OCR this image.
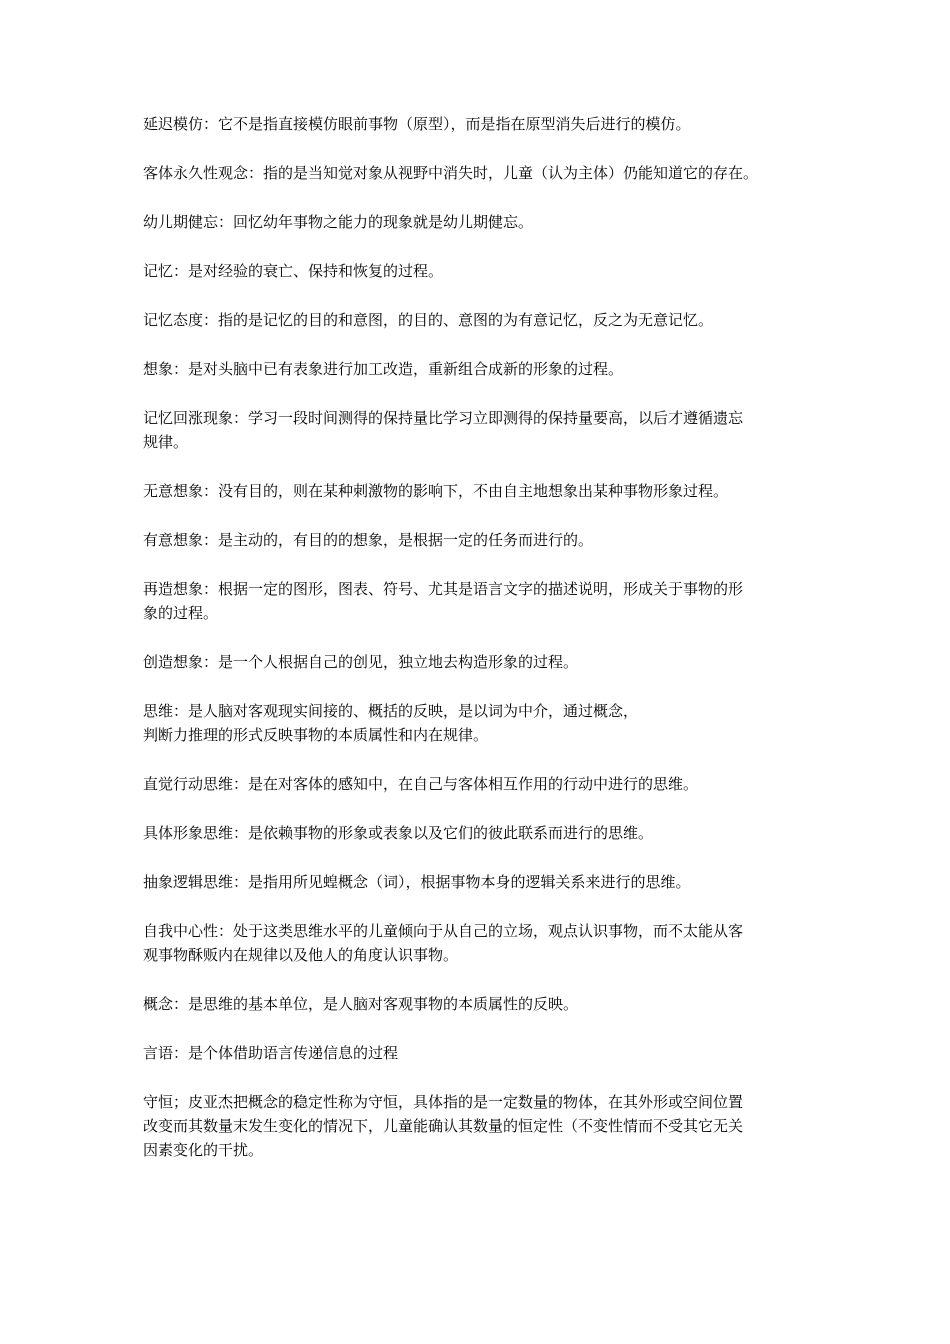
延迟模仿：它不是指直接模仿眼前事物（原型），而是指在原型消失后进行的模仿。

客体永久性观念：指的是当知觉对象从视野中消失时，儿童（认为主体）仍能知道它的存在。

幼儿期健忘：回忆幼年事物之能力的现象就是幼儿期健忘。

记忆：是对经验的衰亡、保持和恢复的过程。

记忆态度：指的是记忆的目的和意图，的目的、意图的为有意记忆，反之为无意记忆。

想象：是对头脑中已有表象进行加工改造，重新组合成新的形象的过程。

记忆回涨现象：学习一段时间测得的保持量比学习立即测得的保持量要高，以后才遵循遗忘
规律。

无意想象：没有目的，则在某种刺激物的影响下，不由自主地想象出某种事物形象过程。

有意想象：是主动的，有目的的想象，是根据一定的任务而进行的。

再造想象：根据一定的图形，图表、符号、尤其是语言文字的描述说明，形成关于事物的形
象的过程。

创造想象：是一个人根据自己的创见，独立地去构造形象的过程。

思维：是人脑对客观现实间接的、概括的反映，是以词为中介，通过概念，
判断力推理的形式反映事物的本质属性和内在规律。

直觉行动思维：是在对客体的感知中，在自己与客体相互作用的行动中进行的思维。

具体形象思维：是依赖事物的形象或表象以及它们的彼此联系而进行的思维。

抽象逻辑思维：是指用所见蝗概念（词），根据事物本身的逻辑关系来进行的思维。

自我中心性：处于这类思维水平的儿童倾向于从自己的立场，观点认识事物，而不太能从客
观事物酥贩内在规律以及他人的角度认识事物。

概念：是思维的基本单位，是人脑对客观事物的本质属性的反映。

言语：是个体借助语言传递信息的过程

守恒；皮亚杰把概念的稳定性称为守恒，具体指的是一定数量的物体，在其外形或空间位置
改变而其数量末发生变化的情况下，儿童能确认其数量的恒定性（不变性情而不受其它无关
因素变化的干扰。
